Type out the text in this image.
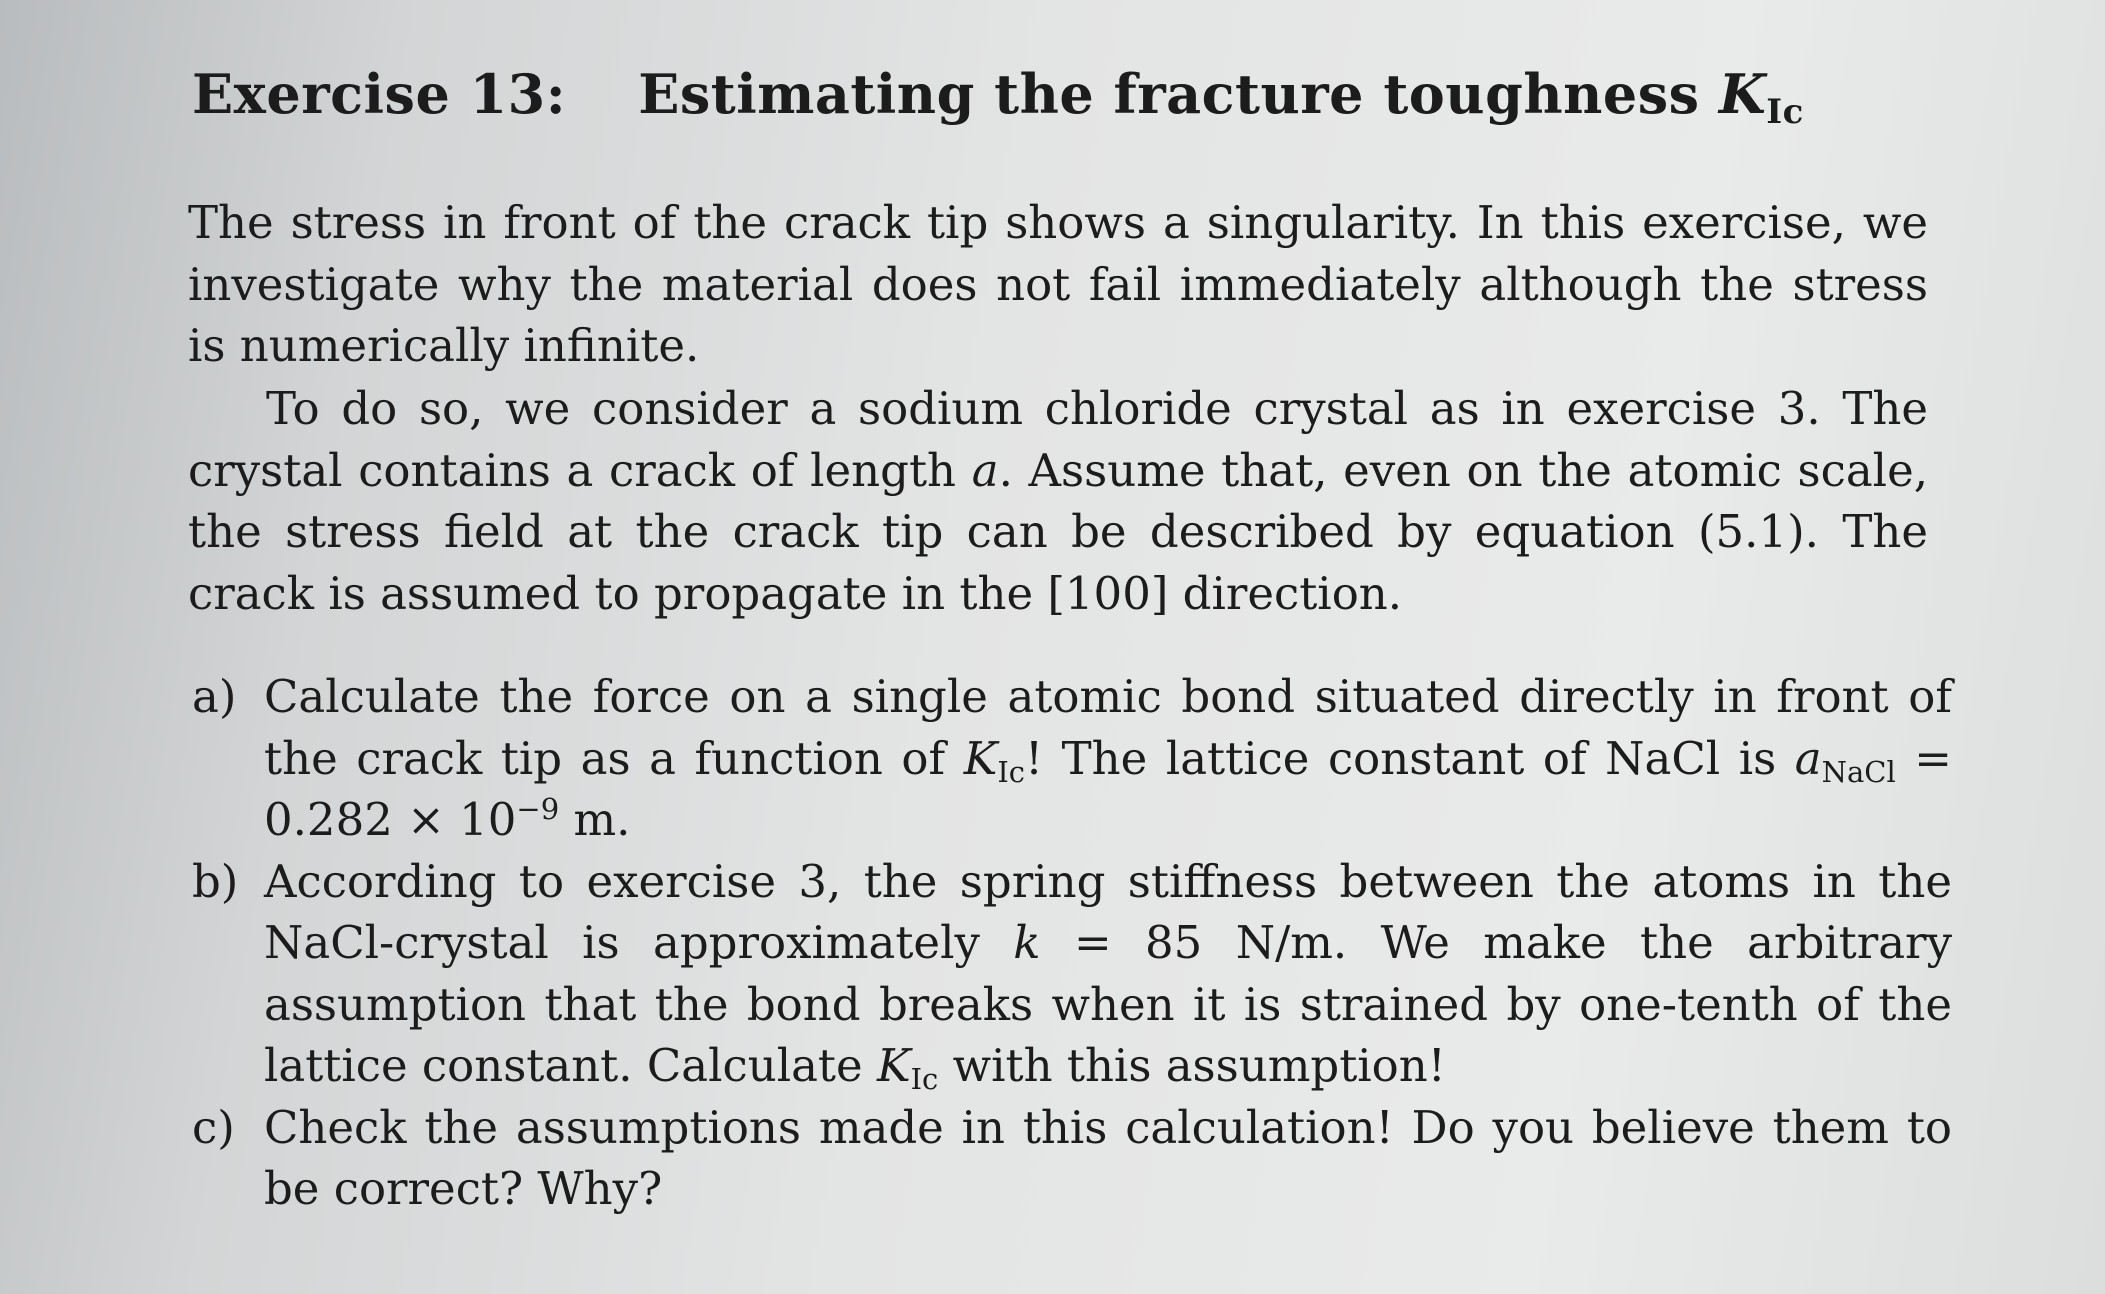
Exercise 13: Estimating the fracture toughness $K_{Ic}$

The stress in front of the crack tip shows a singularity. In this exercise, we investigate why the material does not fail immediately although the stress is numerically infinite.

To do so, we consider a sodium chloride crystal as in exercise 3. The crystal contains a crack of length a. Assume that, even on the atomic scale, the stress field at the crack tip can be described by equation (5.1). The crack is assumed to propagate in the [100] direction.

a) Calculate the force on a single atomic bond situated directly in front of the crack tip as a function of $K_{Ic}$! The lattice constant of NaCl is $a_{NaCl} = 0.282 \times 10^{-9}$ m.
b) According to exercise 3, the spring stiffness between the atoms in the NaCl-crystal is approximately k = 85 N/m. We make the arbitrary assumption that the bond breaks when it is strained by one-tenth of the lattice constant. Calculate $K_{Ic}$ with this assumption!
c) Check the assumptions made in this calculation! Do you believe them to be correct? Why?
